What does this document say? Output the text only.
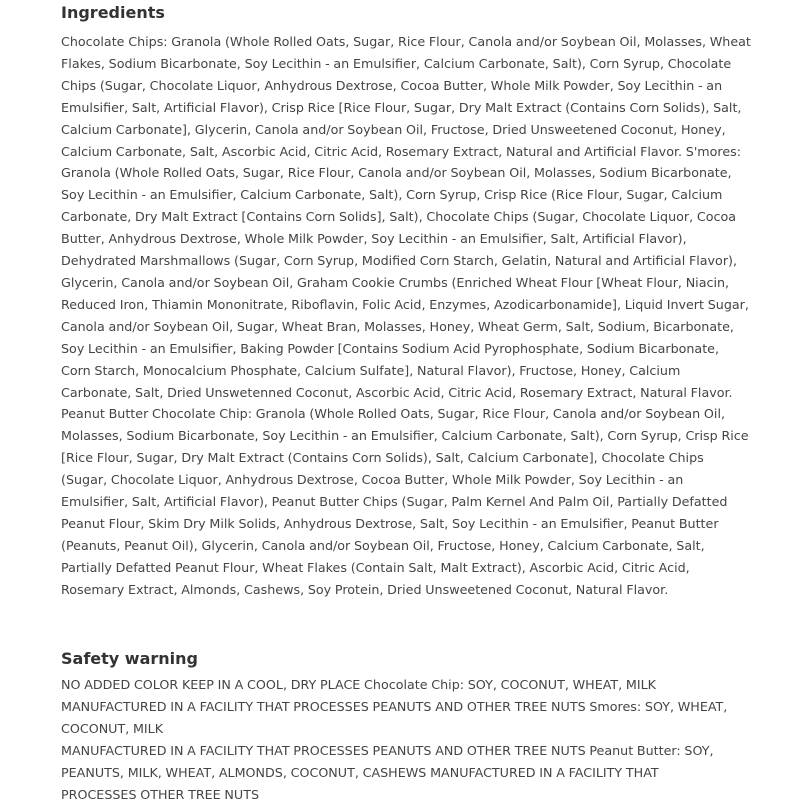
Ingredients

Chocolate Chips: Granola (Whole Rolled Oats, Sugar, Rice Flour, Canola and/or Soybean Oil, Molasses, Wheat Flakes, Sodium Bicarbonate, Soy Lecithin - an Emulsifier, Calcium Carbonate, Salt), Corn Syrup, Chocolate Chips (Sugar, Chocolate Liquor, Anhydrous Dextrose, Cocoa Butter, Whole Milk Powder, Soy Lecithin - an Emulsifier, Salt, Artificial Flavor), Crisp Rice [Rice Flour, Sugar, Dry Malt Extract (Contains Corn Solids), Salt, Calcium Carbonate], Glycerin, Canola and/or Soybean Oil, Fructose, Dried Unsweetened Coconut, Honey, Calcium Carbonate, Salt, Ascorbic Acid, Citric Acid, Rosemary Extract, Natural and Artificial Flavor. S'mores: Granola (Whole Rolled Oats, Sugar, Rice Flour, Canola and/or Soybean Oil, Molasses, Sodium Bicarbonate, Soy Lecithin - an Emulsifier, Calcium Carbonate, Salt), Corn Syrup, Crisp Rice (Rice Flour, Sugar, Calcium Carbonate, Dry Malt Extract [Contains Corn Solids], Salt), Chocolate Chips (Sugar, Chocolate Liquor, Cocoa Butter, Anhydrous Dextrose, Whole Milk Powder, Soy Lecithin - an Emulsifier, Salt, Artificial Flavor), Dehydrated Marshmallows (Sugar, Corn Syrup, Modified Corn Starch, Gelatin, Natural and Artificial Flavor), Glycerin, Canola and/or Soybean Oil, Graham Cookie Crumbs (Enriched Wheat Flour [Wheat Flour, Niacin, Reduced Iron, Thiamin Mononitrate, Riboflavin, Folic Acid, Enzymes, Azodicarbonamide], Liquid Invert Sugar, Canola and/or Soybean Oil, Sugar, Wheat Bran, Molasses, Honey, Wheat Germ, Salt, Sodium, Bicarbonate, Soy Lecithin - an Emulsifier, Baking Powder [Contains Sodium Acid Pyrophosphate, Sodium Bicarbonate, Corn Starch, Monocalcium Phosphate, Calcium Sulfate], Natural Flavor), Fructose, Honey, Calcium Carbonate, Salt, Dried Unswetenned Coconut, Ascorbic Acid, Citric Acid, Rosemary Extract, Natural Flavor. Peanut Butter Chocolate Chip: Granola (Whole Rolled Oats, Sugar, Rice Flour, Canola and/or Soybean Oil, Molasses, Sodium Bicarbonate, Soy Lecithin - an Emulsifier, Calcium Carbonate, Salt), Corn Syrup, Crisp Rice [Rice Flour, Sugar, Dry Malt Extract (Contains Corn Solids), Salt, Calcium Carbonate], Chocolate Chips (Sugar, Chocolate Liquor, Anhydrous Dextrose, Cocoa Butter, Whole Milk Powder, Soy Lecithin - an Emulsifier, Salt, Artificial Flavor), Peanut Butter Chips (Sugar, Palm Kernel And Palm Oil, Partially Defatted Peanut Flour, Skim Dry Milk Solids, Anhydrous Dextrose, Salt, Soy Lecithin - an Emulsifier, Peanut Butter (Peanuts, Peanut Oil), Glycerin, Canola and/or Soybean Oil, Fructose, Honey, Calcium Carbonate, Salt, Partially Defatted Peanut Flour, Wheat Flakes (Contain Salt, Malt Extract), Ascorbic Acid, Citric Acid, Rosemary Extract, Almonds, Cashews, Soy Protein, Dried Unsweetened Coconut, Natural Flavor.

Safety warning

NO ADDED COLOR KEEP IN A COOL, DRY PLACE Chocolate Chip: SOY, COCONUT, WHEAT, MILK MANUFACTURED IN A FACILITY THAT PROCESSES PEANUTS AND OTHER TREE NUTS Smores: SOY, WHEAT, COCONUT, MILK

MANUFACTURED IN A FACILITY THAT PROCESSES PEANUTS AND OTHER TREE NUTS Peanut Butter: SOY, PEANUTS, MILK, WHEAT, ALMONDS, COCONUT, CASHEWS MANUFACTURED IN A FACILITY THAT PROCESSES OTHER TREE NUTS
